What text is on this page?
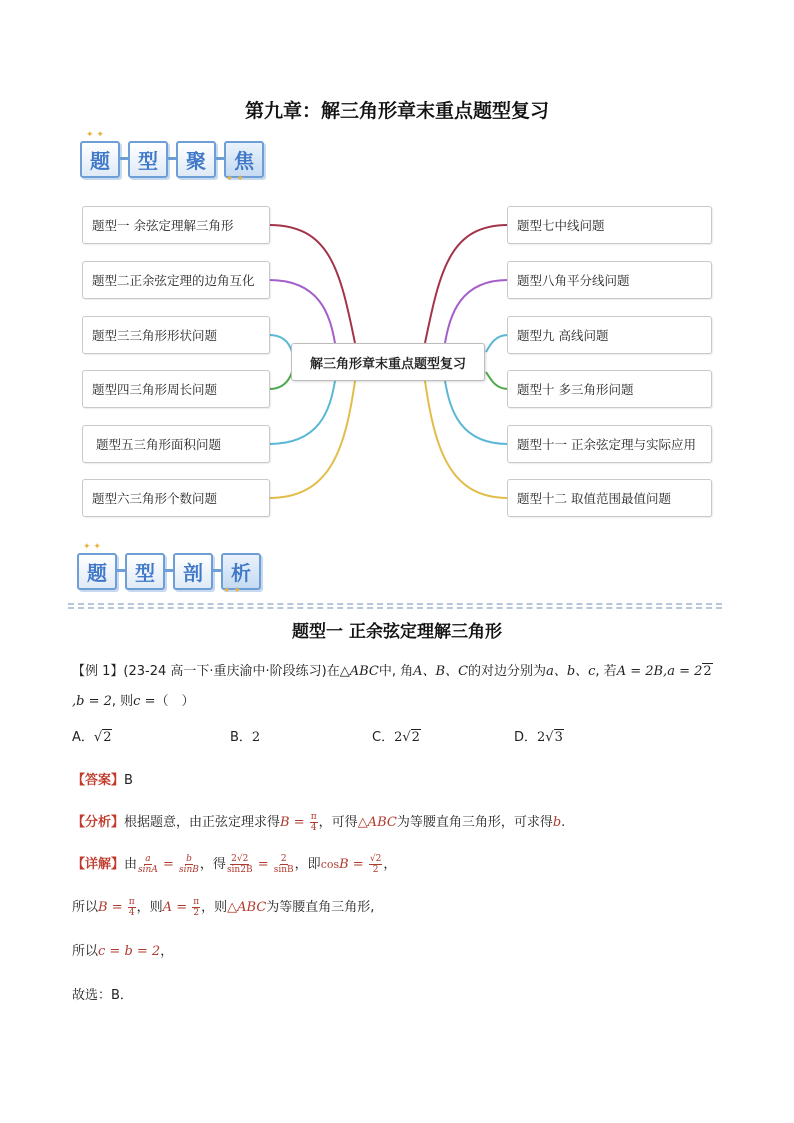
第九章：解三角形章末重点题型复习
✦ ✦
题	型	聚	焦
✦ ✦
题型一 余弦定理解三角形
题型二正余弦定理的边角互化
题型三三角形形状问题
题型四三角形周长问题
题型五三角形面积问题
题型六三角形个数问题
解三角形章末重点题型复习
题型七中线问题
题型八角平分线问题
题型九 高线问题
题型十 多三角形问题
题型十一 正余弦定理与实际应用
题型十二 取值范围最值问题
✦ ✦
题	型	剖	析
✦ ✦
题型一 正余弦定理解三角形
【例 1】(23-24 高一下·重庆渝中·阶段练习)在△ABC中, 角A、B、C的对边分别为a、b、c, 若A = 2B,a = 22
,b = 2, 则c =（　）
A．√2	B．2	C．2√2	D．2√3
【答案】B
【分析】根据题意，由正弦定理求得$B = \frac{\pi}{4}$ ，可得△ABC为等腰直角三角形，可求得b.
【详解】由 $\frac{a}{\sin A} = \frac{b}{\sin B}$ ，得 $\frac{2√2}{\sin 2B} = \frac{2}{\sin B}$ ，即$\cos B = \frac{√2}{2}$ ，
所以$B = \frac{\pi}{4}$ ，则$A = \frac{\pi}{2}$ ，则△ABC为等腰直角三角形,
所以c = b = 2，
故选：B．
